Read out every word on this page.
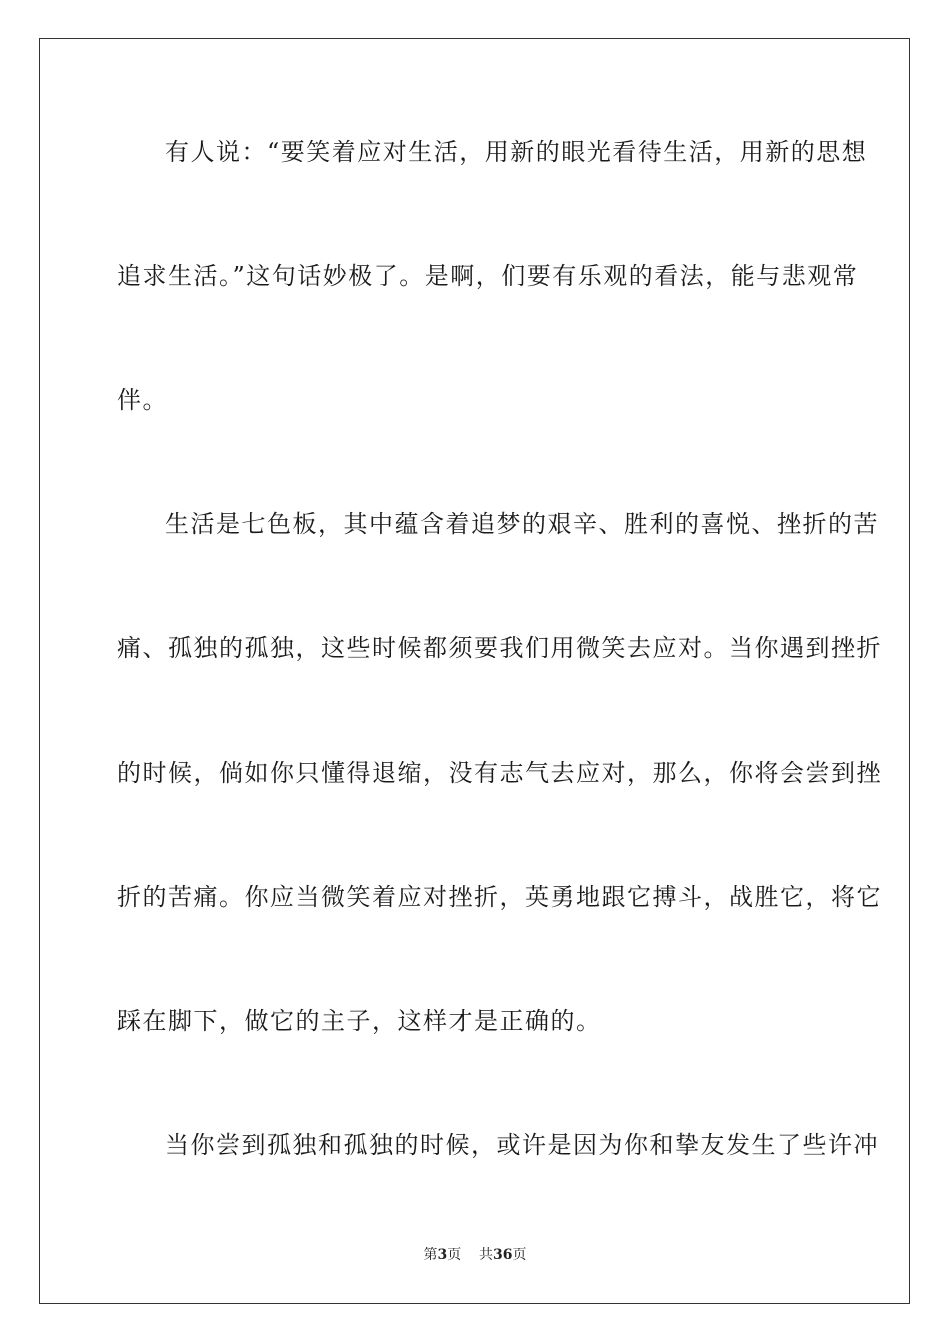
有人说：“要笑着应对生活，用新的眼光看待生活，用新的思想
追求生活。”这句话妙极了。是啊，们要有乐观的看法，能与悲观常
伴。
生活是七色板，其中蕴含着追梦的艰辛、胜利的喜悦、挫折的苦
痛、孤独的孤独，这些时候都须要我们用微笑去应对。当你遇到挫折
的时候，倘如你只懂得退缩，没有志气去应对，那么，你将会尝到挫
折的苦痛。你应当微笑着应对挫折，英勇地跟它搏斗，战胜它，将它
踩在脚下，做它的主子，这样才是正确的。
当你尝到孤独和孤独的时候，或许是因为你和挚友发生了些许冲
第3页 共36页
